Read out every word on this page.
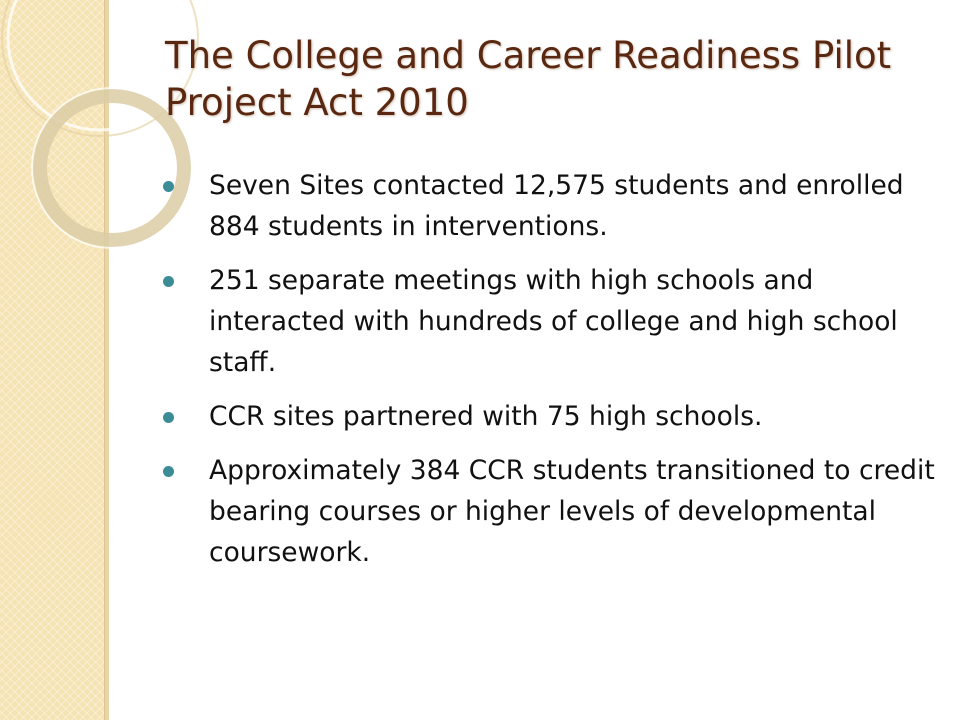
The College and Career Readiness Pilot Project Act 2010
Seven Sites contacted 12,575 students and enrolled 884 students in interventions.
251 separate meetings with high schools and interacted with hundreds of college and high school staff.
CCR sites partnered with 75 high schools.
Approximately 384 CCR students transitioned to credit bearing courses or higher levels of developmental coursework.
